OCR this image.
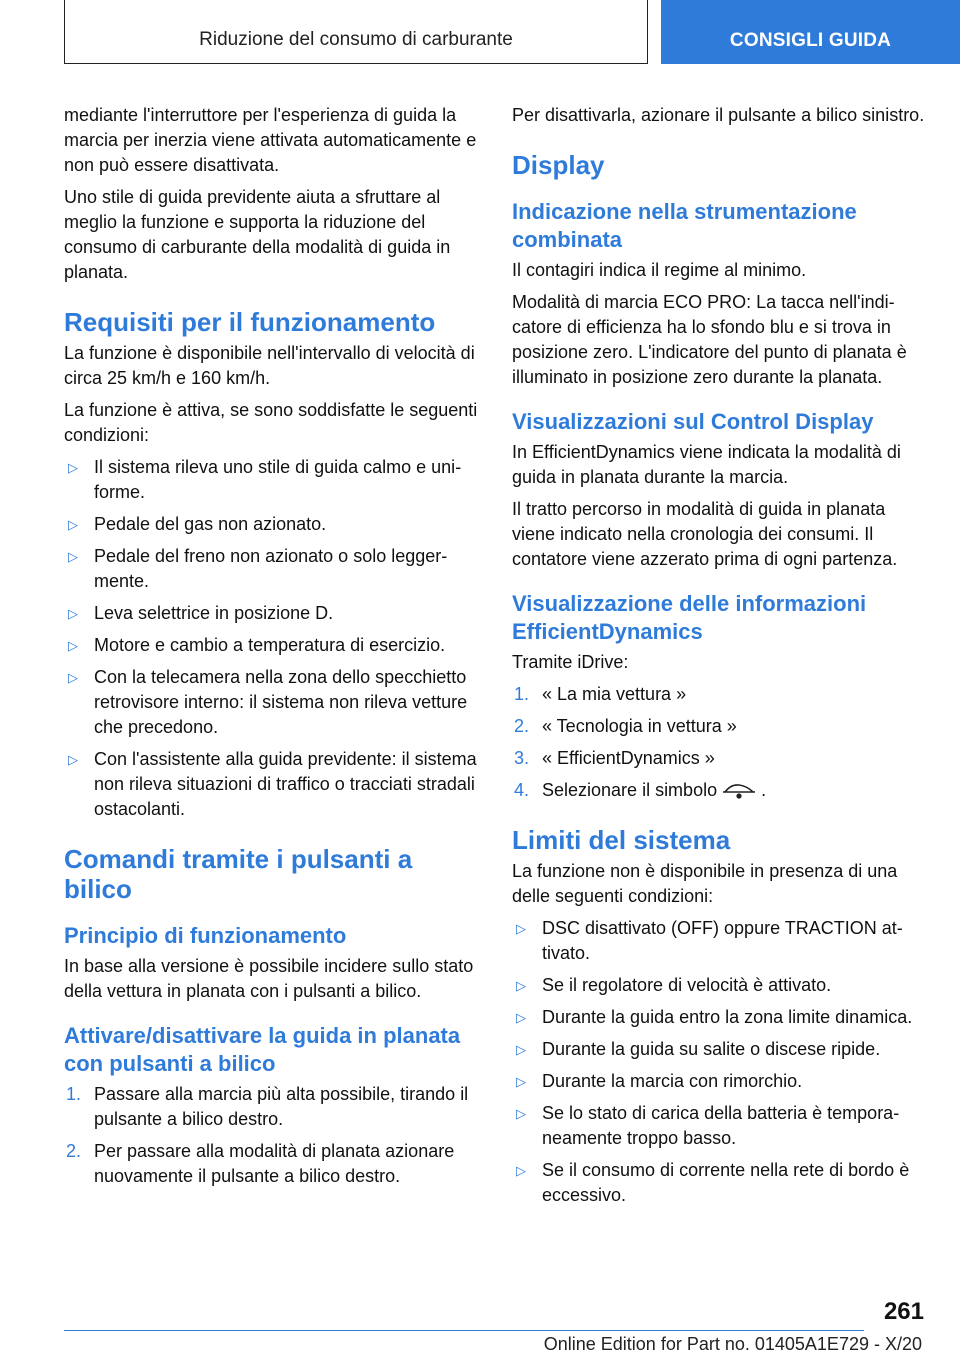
Riduzione del consumo di carburante	CONSIGLI GUIDA

mediante l'interruttore per l'esperienza di guida la marcia per inerzia viene attivata automaticamente e non può essere disattivata.

Uno stile di guida previdente aiuta a sfruttare al meglio la funzione e supporta la riduzione del consumo di carburante della modalità di guida in planata.

Requisiti per il funzionamento

La funzione è disponibile nell'intervallo di velocità di circa 25 km/h e 160 km/h.

La funzione è attiva, se sono soddisfatte le seguenti condizioni:

▷ Il sistema rileva uno stile di guida calmo e uniforme.
▷ Pedale del gas non azionato.
▷ Pedale del freno non azionato o solo leggermente.
▷ Leva selettrice in posizione D.
▷ Motore e cambio a temperatura di esercizio.
▷ Con la telecamera nella zona dello specchietto retrovisore interno: il sistema non rileva vetture che precedono.
▷ Con l'assistente alla guida previdente: il sistema non rileva situazioni di traffico o tracciati stradali ostacolanti.
Comandi tramite i pulsanti a bilico
Principio di funzionamento

In base alla versione è possibile incidere sullo stato della vettura in planata con i pulsanti a bilico.

Attivare/disattivare la guida in planata con pulsanti a bilico
1. Passare alla marcia più alta possibile, tirando il pulsante a bilico destro.
2. Per passare alla modalità di planata azionare nuovamente il pulsante a bilico destro.

Per disattivarla, azionare il pulsante a bilico sinistro.

Display
Indicazione nella strumentazione combinata

Il contagiri indica il regime al minimo.

Modalità di marcia ECO PRO: La tacca nell'indicatore di efficienza ha lo sfondo blu e si trova in posizione zero. L'indicatore del punto di planata è illuminato in posizione zero durante la planata.

Visualizzazioni sul Control Display

In EfficientDynamics viene indicata la modalità di guida in planata durante la marcia.

Il tratto percorso in modalità di guida in planata viene indicato nella cronologia dei consumi. Il contatore viene azzerato prima di ogni partenza.

Visualizzazione delle informazioni EfficientDynamics

Tramite iDrive:

1. « La mia vettura »
2. « Tecnologia in vettura »
3. « EfficientDynamics »
4. Selezionare il simbolo .
Limiti del sistema

La funzione non è disponibile in presenza di una delle seguenti condizioni:

▷ DSC disattivato (OFF) oppure TRACTION attivato.
▷ Se il regolatore di velocità è attivato.
▷ Durante la guida entro la zona limite dinamica.
▷ Durante la guida su salite o discese ripide.
▷ Durante la marcia con rimorchio.
▷ Se lo stato di carica della batteria è temporaneamente troppo basso.
▷ Se il consumo di corrente nella rete di bordo è eccessivo.
261
Online Edition for Part no. 01405A1E729 - X/20
